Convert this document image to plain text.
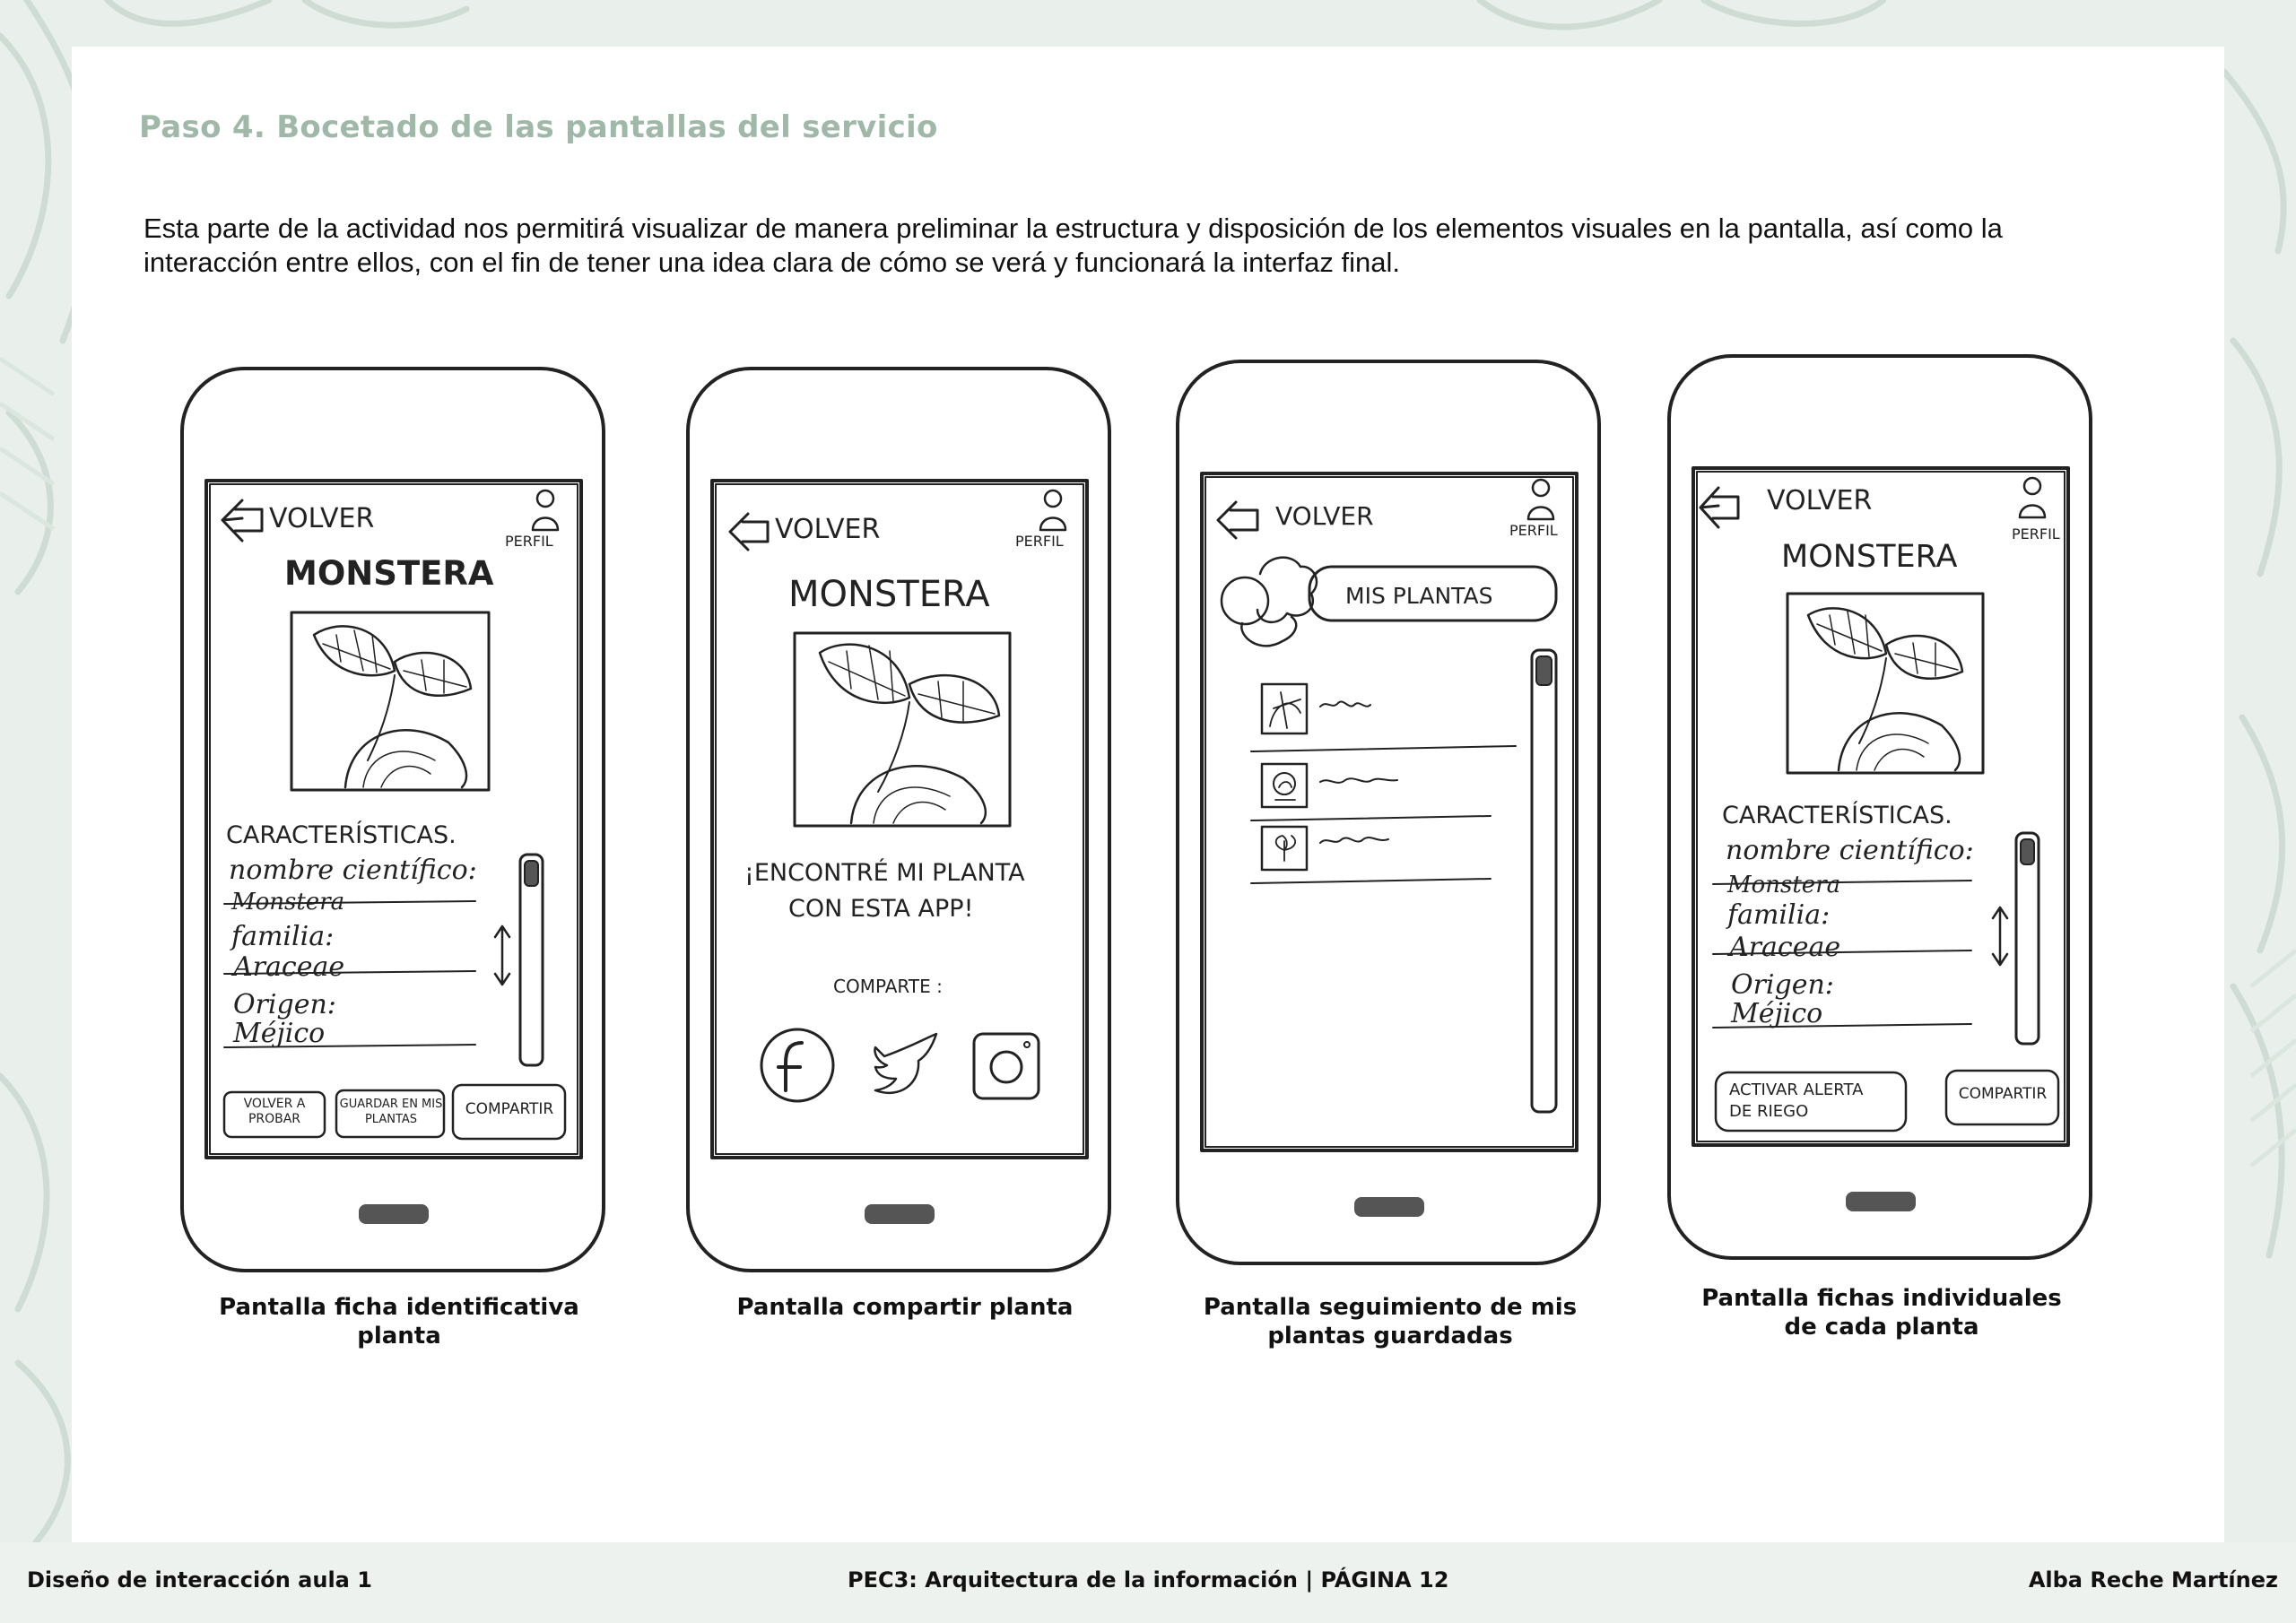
Paso 4. Bocetado de las pantallas del servicio
Esta parte de la actividad nos permitirá visualizar de manera preliminar la estructura y disposición de los elementos visuales en la pantalla, así como la interacción entre ellos, con el fin de tener una idea clara de cómo se verá y funcionará la interfaz final.
VOLVER
PERFIL
MONSTERA
CARACTERÍSTICAS.
nombre científico:
Monstera
familia:
Araceae
Origen:
Méjico
VOLVER A PROBAR
GUARDAR EN MIS PLANTAS
COMPARTIR
VOLVER	PERFIL
MONSTERA
¡ENCONTRÉ MI PLANTA
CON ESTA APP!
COMPARTE :
VOLVER	PERFIL
MIS PLANTAS
VOLVER
PERFIL
MONSTERA
CARACTERÍSTICAS.
nombre científico:
Monstera
familia:
Araceae
Origen:
Méjico
ACTIVAR ALERTA DE RIEGO
COMPARTIR
Pantalla ficha identificativa
planta
Pantalla compartir planta	Pantalla seguimiento de mis
plantas guardadas
Pantalla fichas individuales
de cada planta
Diseño de interacción aula 1	PEC3: Arquitectura de la información | PÁGINA 12	Alba Reche Martínez
